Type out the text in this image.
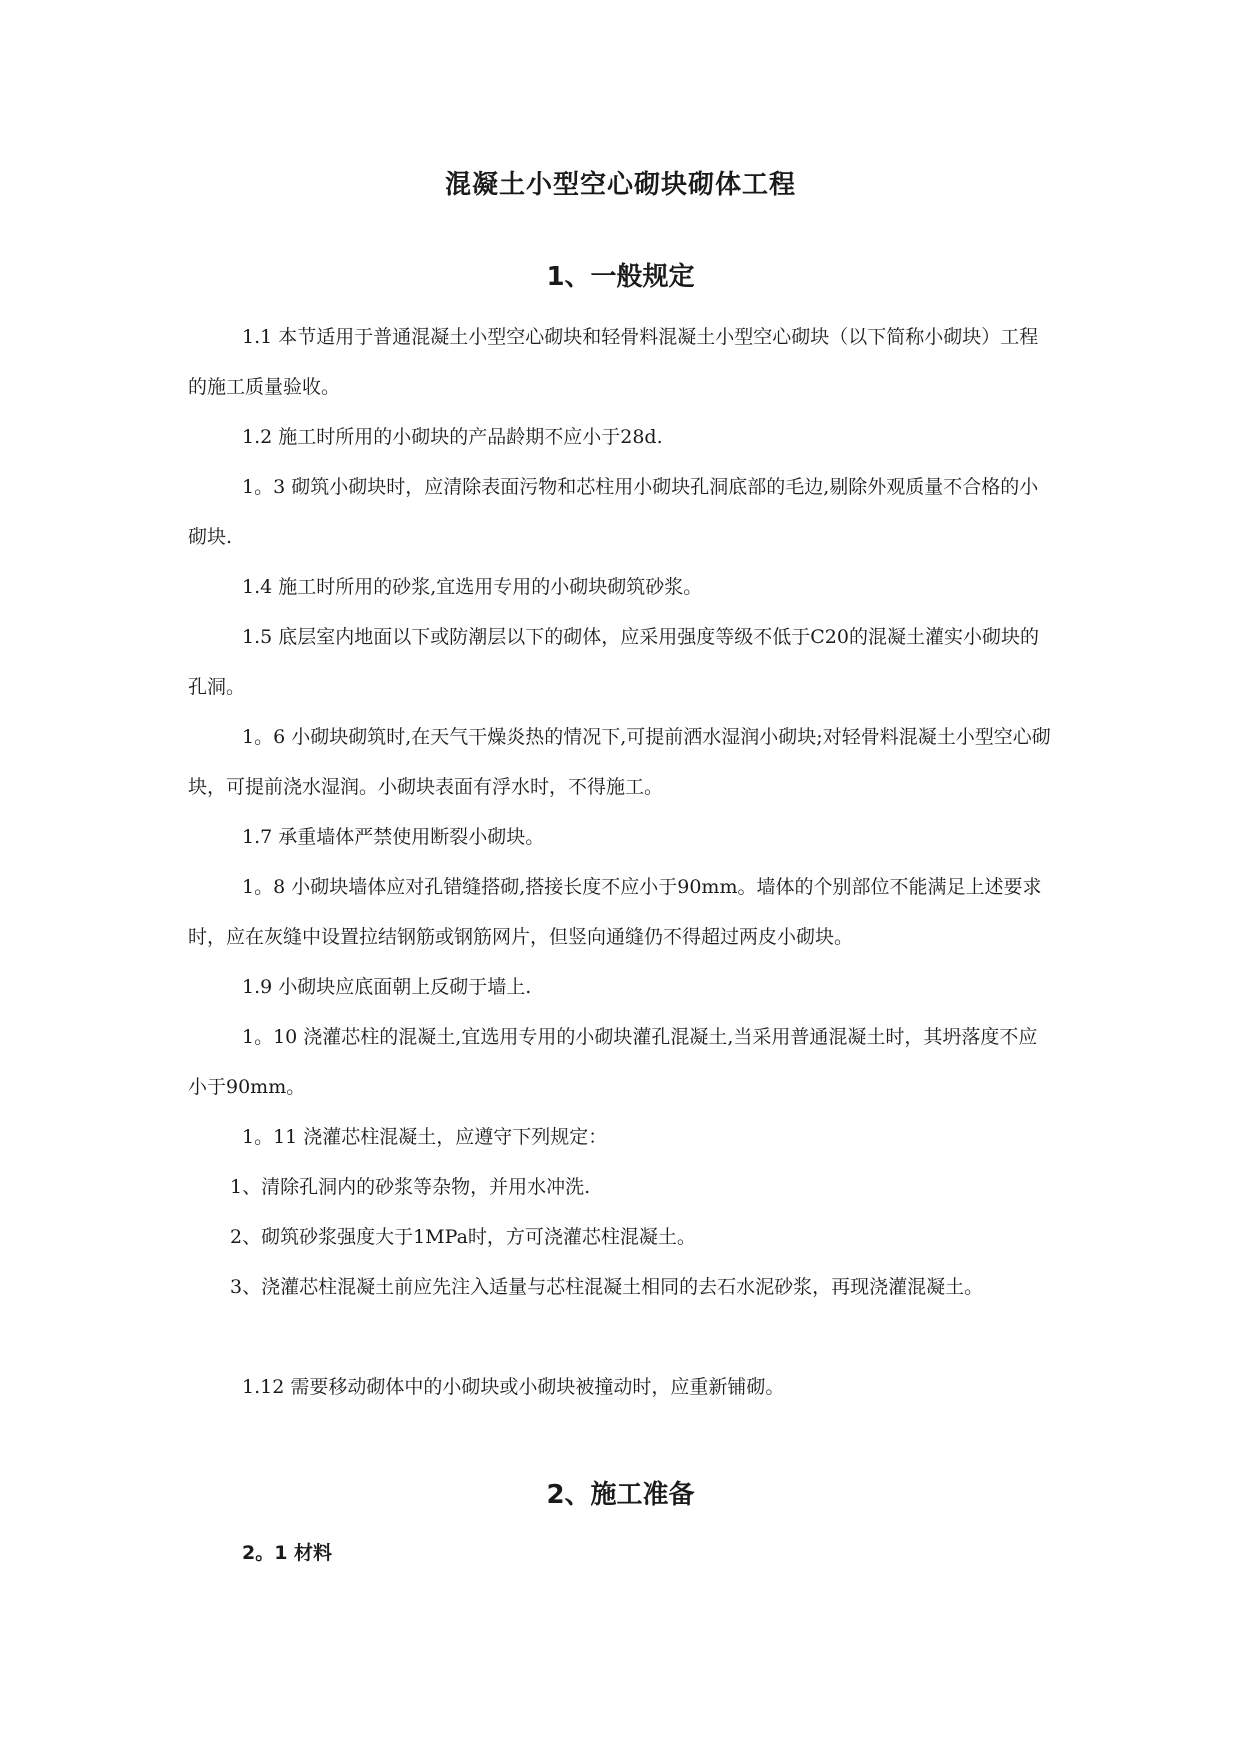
混凝土小型空心砌块砌体工程
1、一般规定

1.1 本节适用于普通混凝土小型空心砌块和轻骨料混凝土小型空心砌块（以下简称小砌块）工程的施工质量验收。

1.2 施工时所用的小砌块的产品龄期不应小于28d.

1。3 砌筑小砌块时，应清除表面污物和芯柱用小砌块孔洞底部的毛边,剔除外观质量不合格的小砌块.

1.4 施工时所用的砂浆,宜选用专用的小砌块砌筑砂浆。

1.5 底层室内地面以下或防潮层以下的砌体，应采用强度等级不低于C20的混凝土灌实小砌块的孔洞。

1。6 小砌块砌筑时,在天气干燥炎热的情况下,可提前洒水湿润小砌块;对轻骨料混凝土小型空心砌块，可提前浇水湿润。小砌块表面有浮水时，不得施工。

1.7 承重墙体严禁使用断裂小砌块。

1。8 小砌块墙体应对孔错缝搭砌,搭接长度不应小于90mm。墙体的个别部位不能满足上述要求时，应在灰缝中设置拉结钢筋或钢筋网片，但竖向通缝仍不得超过两皮小砌块。

1.9 小砌块应底面朝上反砌于墙上.

1。10 浇灌芯柱的混凝土,宜选用专用的小砌块灌孔混凝土,当采用普通混凝土时，其坍落度不应小于90mm。

1。11 浇灌芯柱混凝土，应遵守下列规定：

1、清除孔洞内的砂浆等杂物，并用水冲洗.

2、砌筑砂浆强度大于1MPa时，方可浇灌芯柱混凝土。

3、浇灌芯柱混凝土前应先注入适量与芯柱混凝土相同的去石水泥砂浆，再现浇灌混凝土。

1.12 需要移动砌体中的小砌块或小砌块被撞动时，应重新铺砌。

2、施工准备

2。1 材料
